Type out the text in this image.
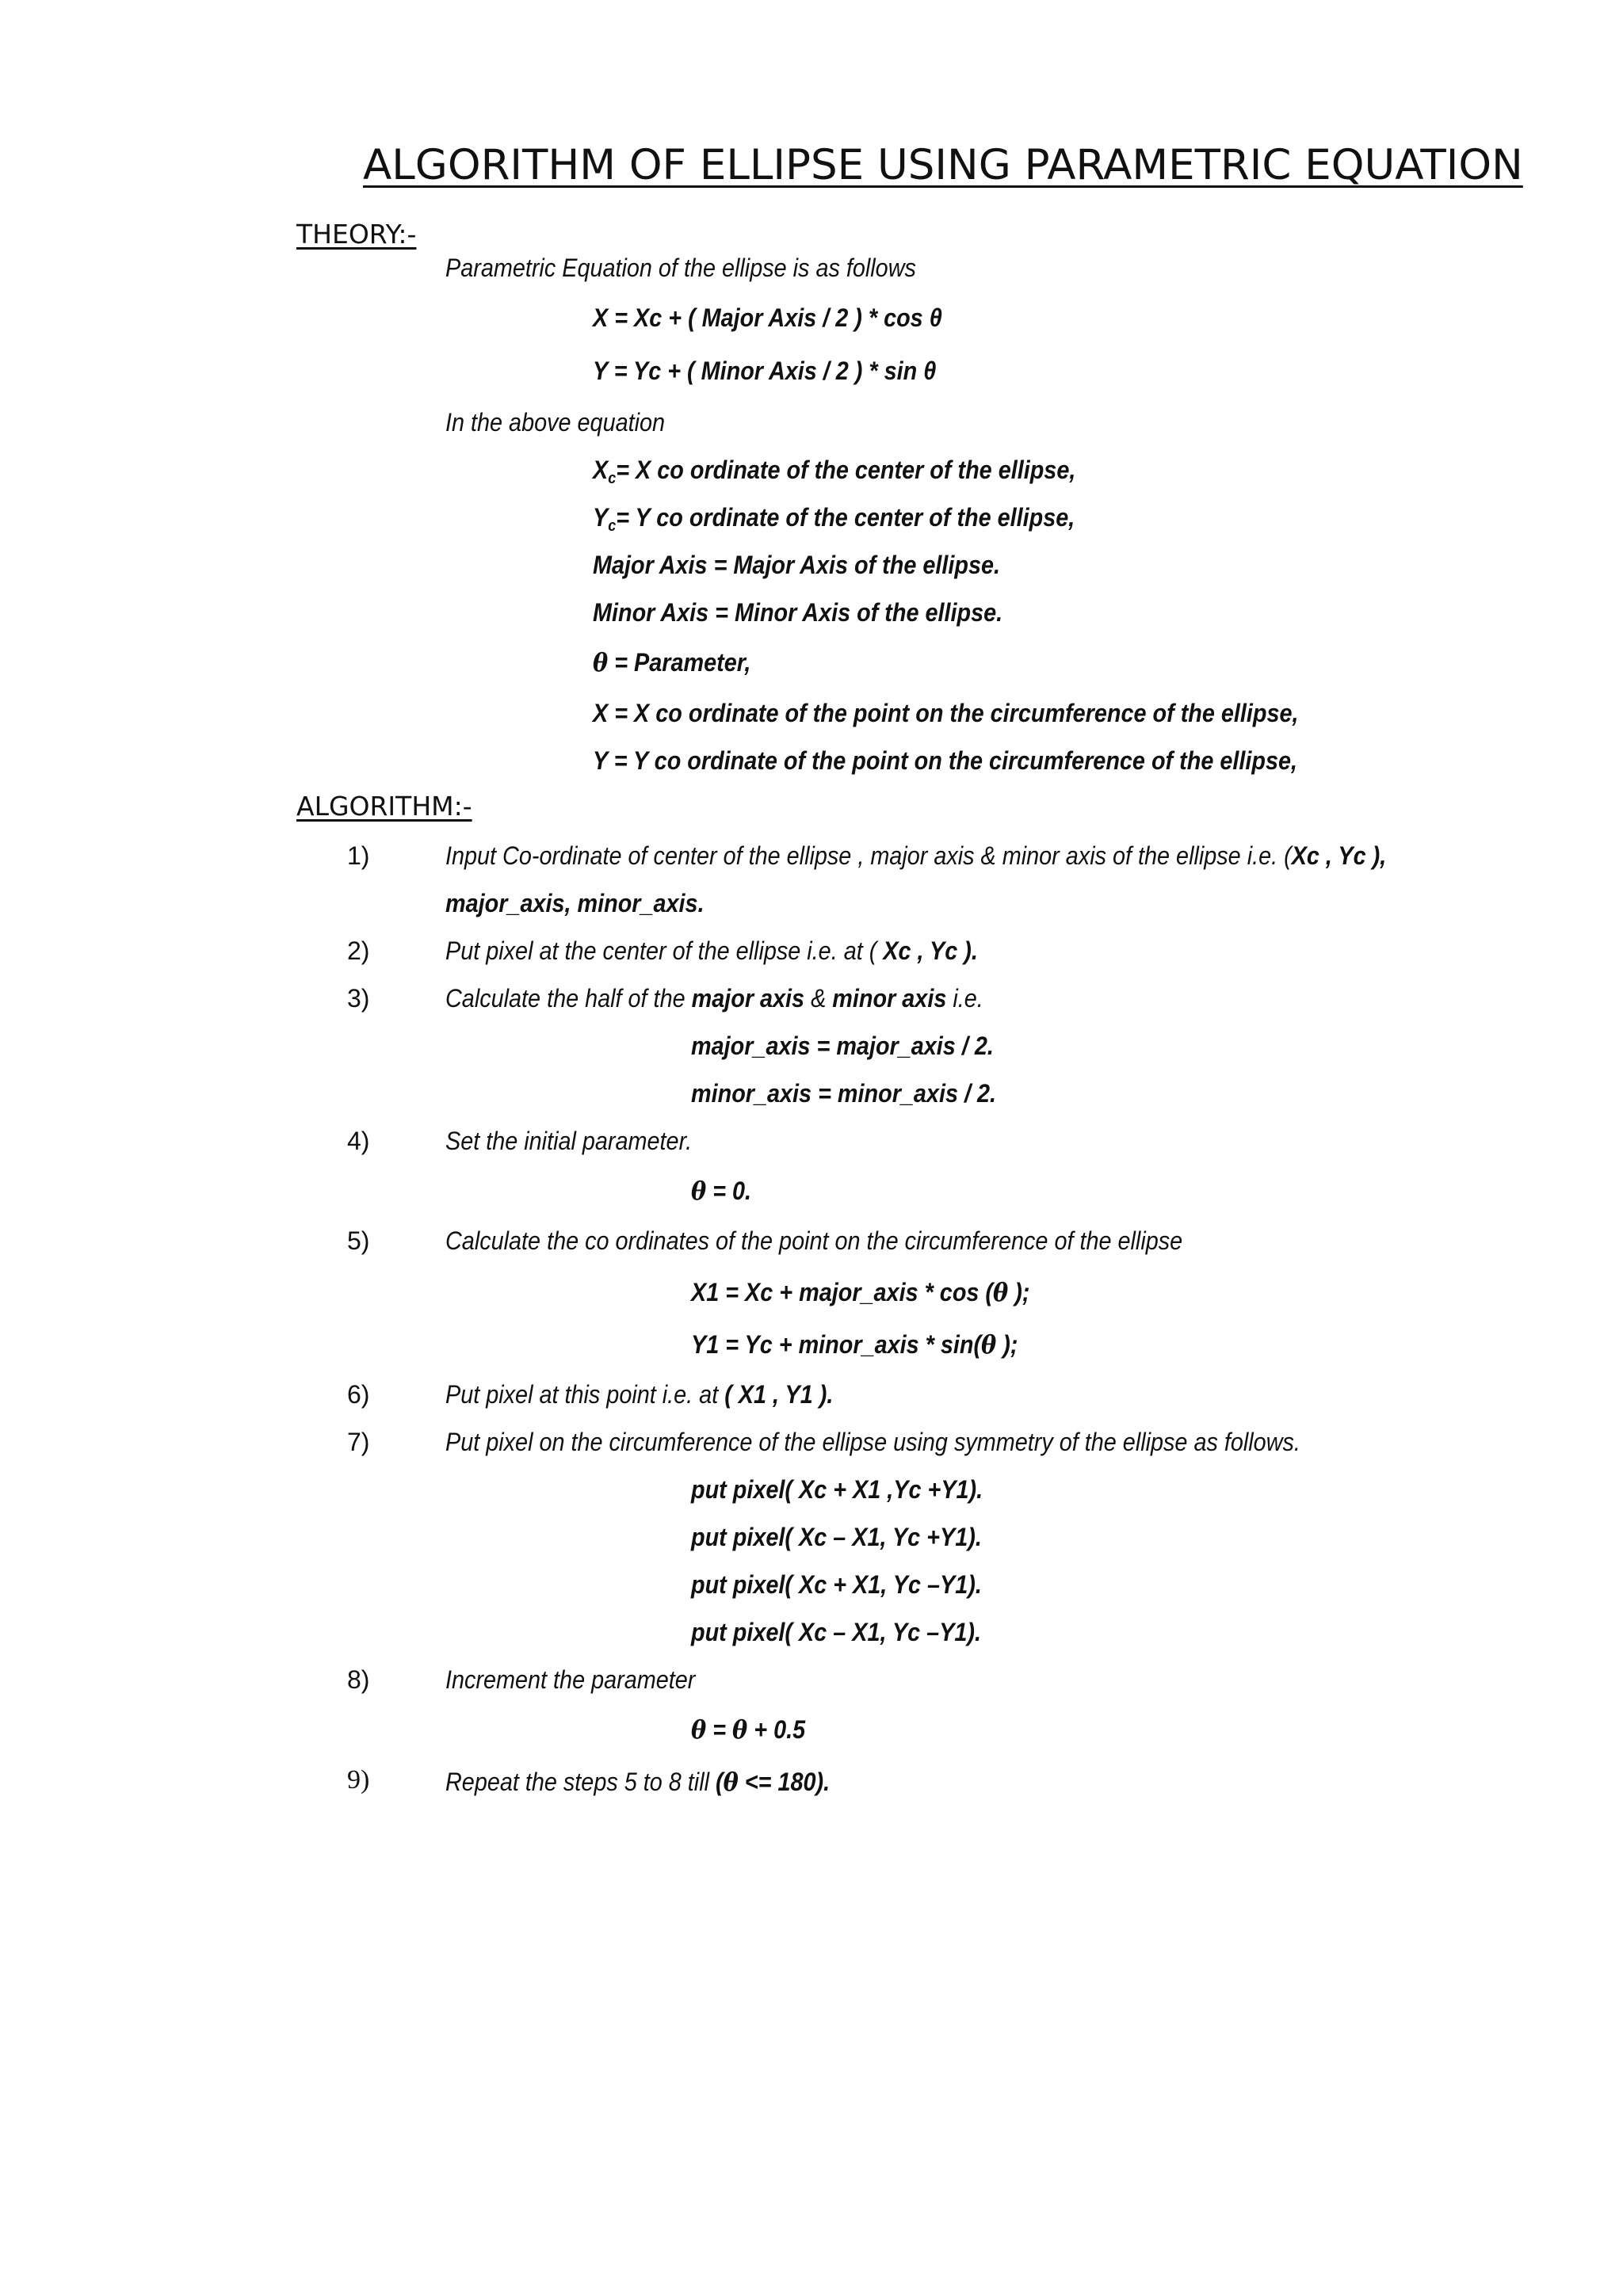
ALGORITHM OF ELLIPSE USING PARAMETRIC EQUATION
THEORY:-
Parametric Equation of the ellipse is as follows
X = Xc + ( Major Axis / 2 ) * cos θ
Y = Yc + ( Minor Axis / 2 ) * sin θ
In the above equation
$X_c= X$ co ordinate of the center of the ellipse,
$Y_c= Y$ co ordinate of the center of the ellipse,
Major Axis = Major Axis of the ellipse.
Minor Axis = Minor Axis of the ellipse.
θ = Parameter,
X = X co ordinate of the point on the circumference of the ellipse,
Y = Y co ordinate of the point on the circumference of the ellipse,
ALGORITHM:-
1)	Input Co-ordinate of center of the ellipse , major axis & minor axis of the ellipse i.e. (Xc , Yc ),
major_axis, minor_axis.
2)	Put pixel at the center of the ellipse i.e. at ( Xc , Yc ).
3)	Calculate the half of the major axis & minor axis i.e.
major_axis = major_axis / 2.
minor_axis = minor_axis / 2.
4)	Set the initial parameter.
θ = 0.
5)	Calculate the co ordinates of the point on the circumference of the ellipse
X1 = Xc + major_axis * cos (θ );
Y1 = Yc + minor_axis * sin(θ );
6)	Put pixel at this point i.e. at ( X1 , Y1 ).
7)	Put pixel on the circumference of the ellipse using symmetry of the ellipse as follows.
put pixel( Xc + X1 ,Yc +Y1).
put pixel( Xc – X1, Yc +Y1).
put pixel( Xc + X1, Yc –Y1).
put pixel( Xc – X1, Yc –Y1).
8)	Increment the parameter
θ = θ + 0.5
9)	Repeat the steps 5 to 8 till (θ <= 180).
